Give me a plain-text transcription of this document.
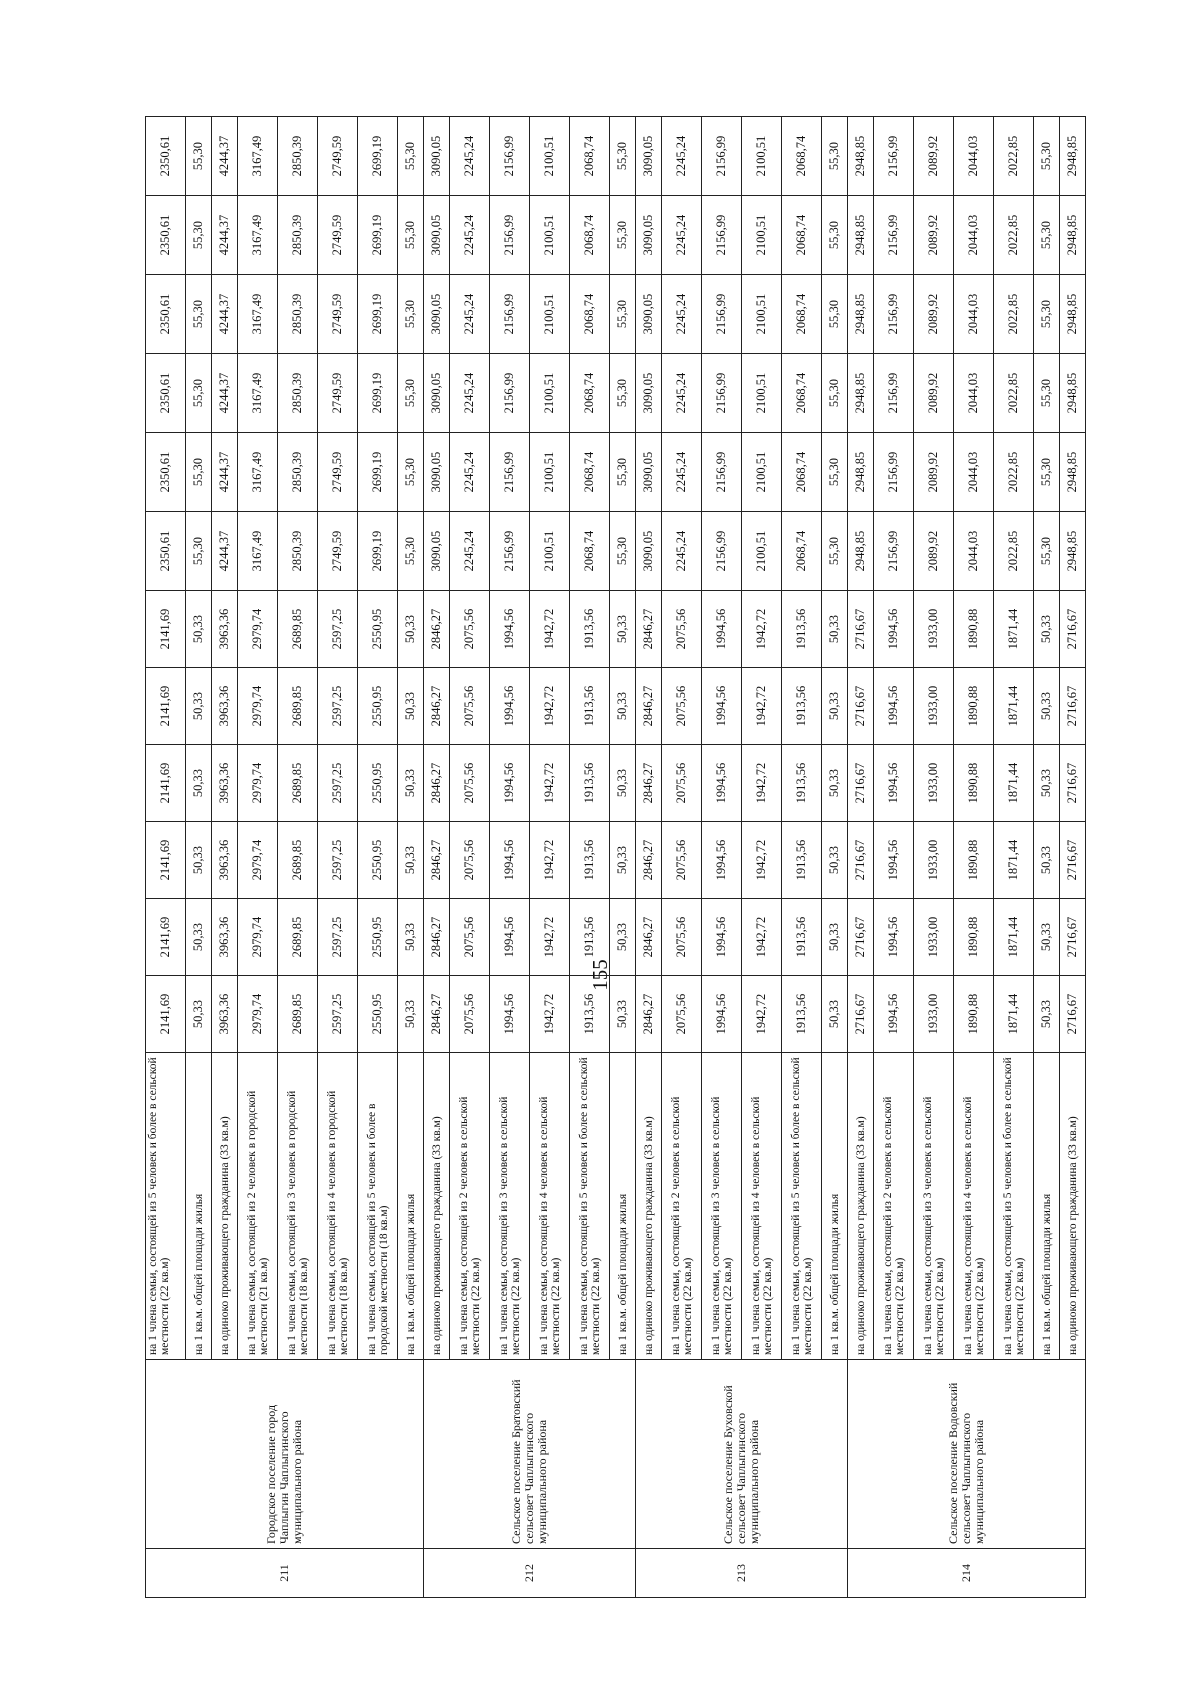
211	Городское поселение город Чаплыгин Чаплыгинского муниципального района	на 1 члена семьи, состоящей из 5 человек и более в сельской местности (22 кв.м)	2141,69	2141,69	2141,69	2141,69	2141,69	2141,69	2350,61	2350,61	2350,61	2350,61	2350,61	2350,61
		на 1 кв.м. общей площади жилья	50,33	50,33	50,33	50,33	50,33	50,33	55,30	55,30	55,30	55,30	55,30	55,30
		на одиноко проживающего гражданина (33 кв.м)	3963,36	3963,36	3963,36	3963,36	3963,36	3963,36	4244,37	4244,37	4244,37	4244,37	4244,37	4244,37
		на 1 члена семьи, состоящей из 2 человек в городской местности (21 кв.м)	2979,74	2979,74	2979,74	2979,74	2979,74	2979,74	3167,49	3167,49	3167,49	3167,49	3167,49	3167,49
		на 1 члена семьи, состоящей из 3 человек в городской местности (18 кв.м)	2689,85	2689,85	2689,85	2689,85	2689,85	2689,85	2850,39	2850,39	2850,39	2850,39	2850,39	2850,39
		на 1 члена семьи, состоящей из 4 человек в городской местности (18 кв.м)	2597,25	2597,25	2597,25	2597,25	2597,25	2597,25	2749,59	2749,59	2749,59	2749,59	2749,59	2749,59
		на 1 члена семьи, состоящей из 5 человек и более в городской местности (18 кв.м)	2550,95	2550,95	2550,95	2550,95	2550,95	2550,95	2699,19	2699,19	2699,19	2699,19	2699,19	2699,19
		на 1 кв.м. общей площади жилья	50,33	50,33	50,33	50,33	50,33	50,33	55,30	55,30	55,30	55,30	55,30	55,30
212	Сельское поселение Братовский сельсовет Чаплыгинского муниципального района	на одиноко проживающего гражданина (33 кв.м)	2846,27	2846,27	2846,27	2846,27	2846,27	2846,27	3090,05	3090,05	3090,05	3090,05	3090,05	3090,05
		на 1 члена семьи, состоящей из 2 человек в сельской местности (22 кв.м)	2075,56	2075,56	2075,56	2075,56	2075,56	2075,56	2245,24	2245,24	2245,24	2245,24	2245,24	2245,24
		на 1 члена семьи, состоящей из 3 человек в сельской местности (22 кв.м)	1994,56	1994,56	1994,56	1994,56	1994,56	1994,56	2156,99	2156,99	2156,99	2156,99	2156,99	2156,99
		на 1 члена семьи, состоящей из 4 человек в сельской местности (22 кв.м)	1942,72	1942,72	1942,72	1942,72	1942,72	1942,72	2100,51	2100,51	2100,51	2100,51	2100,51	2100,51
		на 1 члена семьи, состоящей из 5 человек и более в сельской местности (22 кв.м)	1913,56	1913,56	1913,56	1913,56	1913,56	1913,56	2068,74	2068,74	2068,74	2068,74	2068,74	2068,74
		на 1 кв.м. общей площади жилья	50,33	50,33	50,33	50,33	50,33	50,33	55,30	55,30	55,30	55,30	55,30	55,30
213	Сельское поселение Буховской сельсовет Чаплыгинского муниципального района	на одиноко проживающего гражданина (33 кв.м)	2846,27	2846,27	2846,27	2846,27	2846,27	2846,27	3090,05	3090,05	3090,05	3090,05	3090,05	3090,05
		на 1 члена семьи, состоящей из 2 человек в сельской местности (22 кв.м)	2075,56	2075,56	2075,56	2075,56	2075,56	2075,56	2245,24	2245,24	2245,24	2245,24	2245,24	2245,24
		на 1 члена семьи, состоящей из 3 человек в сельской местности (22 кв.м)	1994,56	1994,56	1994,56	1994,56	1994,56	1994,56	2156,99	2156,99	2156,99	2156,99	2156,99	2156,99
		на 1 члена семьи, состоящей из 4 человек в сельской местности (22 кв.м)	1942,72	1942,72	1942,72	1942,72	1942,72	1942,72	2100,51	2100,51	2100,51	2100,51	2100,51	2100,51
		на 1 члена семьи, состоящей из 5 человек и более в сельской местности (22 кв.м)	1913,56	1913,56	1913,56	1913,56	1913,56	1913,56	2068,74	2068,74	2068,74	2068,74	2068,74	2068,74
		на 1 кв.м. общей площади жилья	50,33	50,33	50,33	50,33	50,33	50,33	55,30	55,30	55,30	55,30	55,30	55,30
214	Сельское поселение Водовский сельсовет Чаплыгинского муниципального района	на одиноко проживающего гражданина (33 кв.м)	2716,67	2716,67	2716,67	2716,67	2716,67	2716,67	2948,85	2948,85	2948,85	2948,85	2948,85	2948,85
		на 1 члена семьи, состоящей из 2 человек в сельской местности (22 кв.м)	1994,56	1994,56	1994,56	1994,56	1994,56	1994,56	2156,99	2156,99	2156,99	2156,99	2156,99	2156,99
		на 1 члена семьи, состоящей из 3 человек в сельской местности (22 кв.м)	1933,00	1933,00	1933,00	1933,00	1933,00	1933,00	2089,92	2089,92	2089,92	2089,92	2089,92	2089,92
		на 1 члена семьи, состоящей из 4 человек в сельской местности (22 кв.м)	1890,88	1890,88	1890,88	1890,88	1890,88	1890,88	2044,03	2044,03	2044,03	2044,03	2044,03	2044,03
		на 1 члена семьи, состоящей из 5 человек и более в сельской местности (22 кв.м)	1871,44	1871,44	1871,44	1871,44	1871,44	1871,44	2022,85	2022,85	2022,85	2022,85	2022,85	2022,85
		на 1 кв.м. общей площади жилья	50,33	50,33	50,33	50,33	50,33	50,33	55,30	55,30	55,30	55,30	55,30	55,30
		на одиноко проживающего гражданина (33 кв.м)	2716,67	2716,67	2716,67	2716,67	2716,67	2716,67	2948,85	2948,85	2948,85	2948,85	2948,85	2948,85
155
